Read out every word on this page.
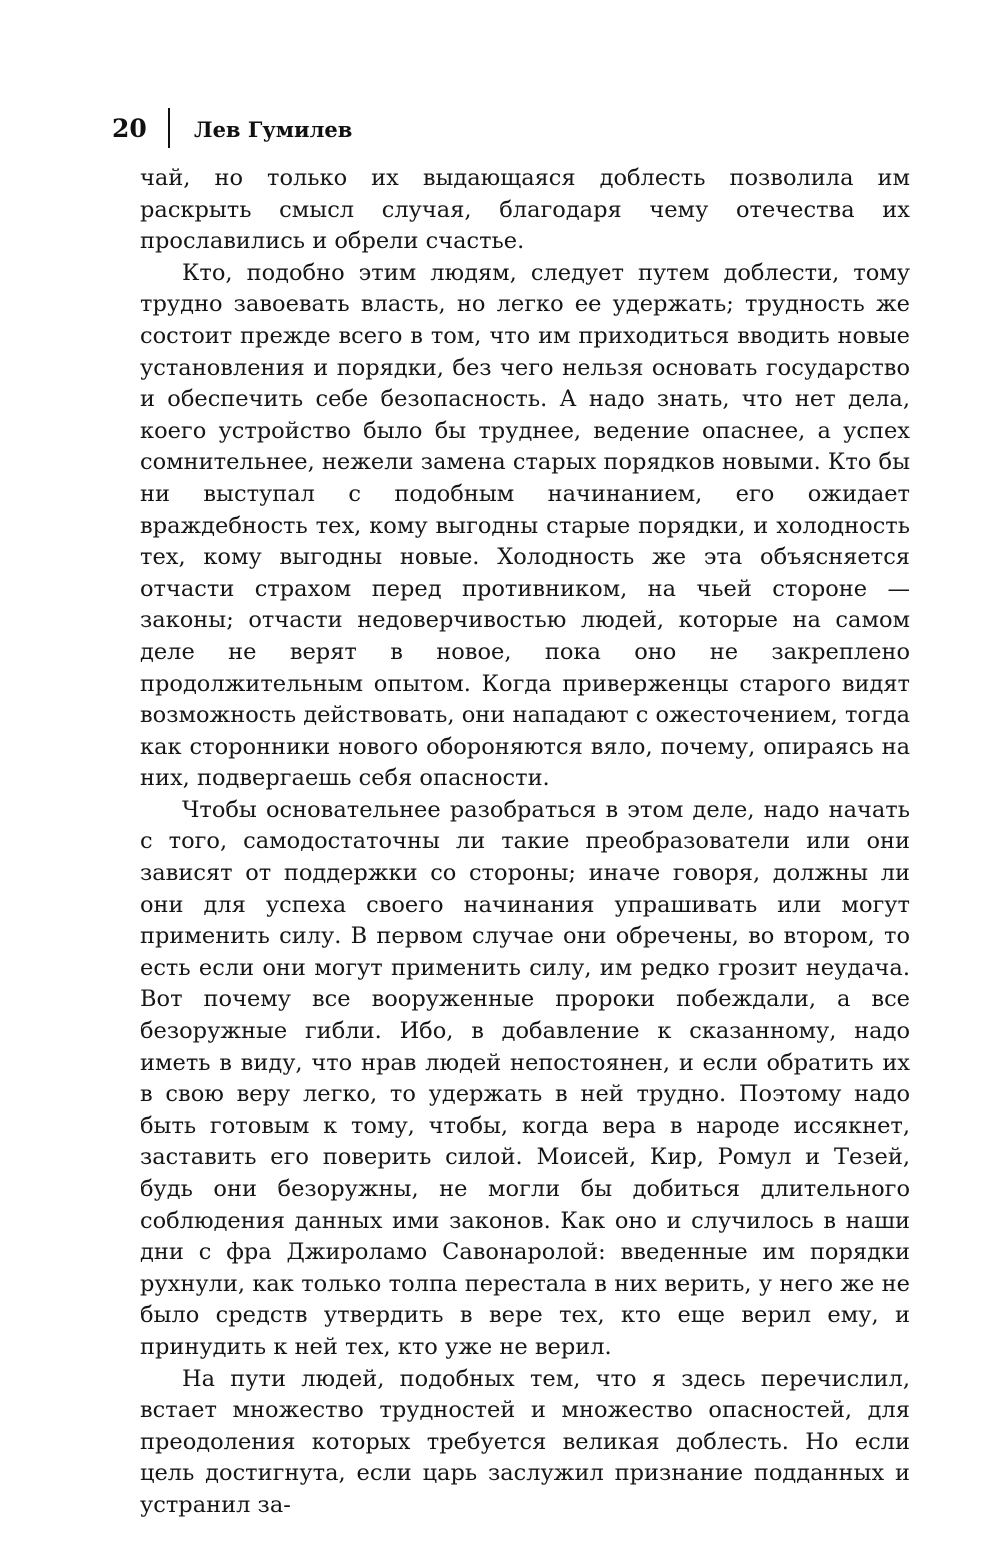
20 Лев Гумилев

чай, но только их выдающаяся доблесть позволила им раскрыть смысл случая, благодаря чему отечества их прославились и обрели счастье.

Кто, подобно этим людям, следует путем доблести, тому трудно завоевать власть, но легко ее удержать; трудность же состоит прежде всего в том, что им приходиться вводить новые установления и порядки, без чего нельзя основать государство и обеспечить себе безопасность. А надо знать, что нет дела, коего устройство было бы труднее, ведение опаснее, а успех сомнительнее, нежели замена старых порядков новыми. Кто бы ни выступал с подобным начинанием, его ожидает враждебность тех, кому выгодны старые порядки, и холодность тех, кому выгодны новые. Холодность же эта объясняется отчасти страхом перед противником, на чьей стороне — законы; отчасти недоверчивостью людей, которые на самом деле не верят в новое, пока оно не закреплено продолжительным опытом. Когда приверженцы старого видят возможность действовать, они нападают с ожесточением, тогда как сторонники нового обороняются вяло, почему, опираясь на них, подвергаешь себя опасности.

Чтобы основательнее разобраться в этом деле, надо начать с того, самодостаточны ли такие преобразователи или они зависят от поддержки со стороны; иначе говоря, должны ли они для успеха своего начинания упрашивать или могут применить силу. В первом случае они обречены, во втором, то есть если они могут применить силу, им редко грозит неудача. Вот почему все вооруженные пророки побеждали, а все безоружные гибли. Ибо, в добавление к сказанному, надо иметь в виду, что нрав людей непостоянен, и если обратить их в свою веру легко, то удержать в ней трудно. Поэтому надо быть готовым к тому, чтобы, когда вера в народе иссякнет, заставить его поверить силой. Моисей, Кир, Ромул и Тезей, будь они безоружны, не могли бы добиться длительного соблюдения данных ими законов. Как оно и случилось в наши дни с фра Джироламо Савонаролой: введенные им порядки рухнули, как только толпа перестала в них верить, у него же не было средств утвердить в вере тех, кто еще верил ему, и принудить к ней тех, кто уже не верил.

На пути людей, подобных тем, что я здесь перечислил, встает множество трудностей и множество опасностей, для преодоления которых требуется великая доблесть. Но если цель достигнута, если царь заслужил признание подданных и устранил за-
